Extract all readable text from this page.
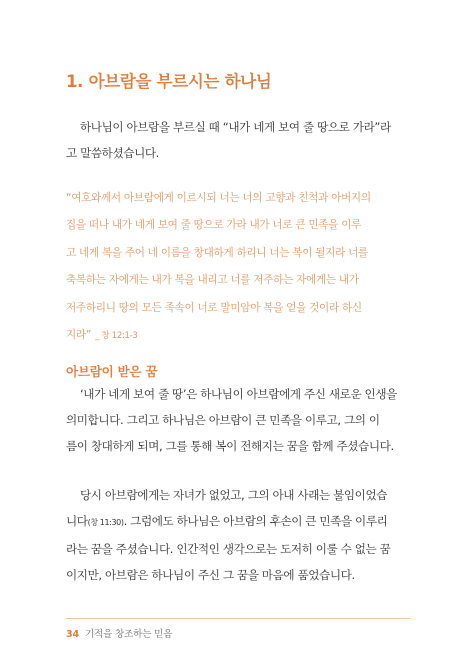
1. 아브람을 부르시는 하나님
하나님이 아브람을 부르실 때 “내가 네게 보여 줄 땅으로 가라”라
고 말씀하셨습니다.
“여호와께서 아브람에게 이르시되 너는 너의 고향과 친척과 아버지의
집을 떠나 내가 네게 보여 줄 땅으로 가라 내가 너로 큰 민족을 이루
고 네게 복을 주어 네 이름을 창대하게 하리니 너는 복이 될지라 너를
축복하는 자에게는 내가 복을 내리고 너를 저주하는 자에게는 내가
저주하리니 땅의 모든 족속이 너로 말미암아 복을 얻을 것이라 하신
지라” _ 창 12:1-3
아브람이 받은 꿈
‘내가 네게 보여 줄 땅’은 하나님이 아브람에게 주신 새로운 인생을
의미합니다. 그리고 하나님은 아브람이 큰 민족을 이루고, 그의 이
름이 창대하게 되며, 그를 통해 복이 전해지는 꿈을 함께 주셨습니다.
당시 아브람에게는 자녀가 없었고, 그의 아내 사래는 불임이었습
니다(창 11:30). 그럼에도 하나님은 아브람의 후손이 큰 민족을 이루리
라는 꿈을 주셨습니다. 인간적인 생각으로는 도저히 이룰 수 없는 꿈
이지만, 아브람은 하나님이 주신 그 꿈을 마음에 품었습니다.
34 기적을 창조하는 믿음
